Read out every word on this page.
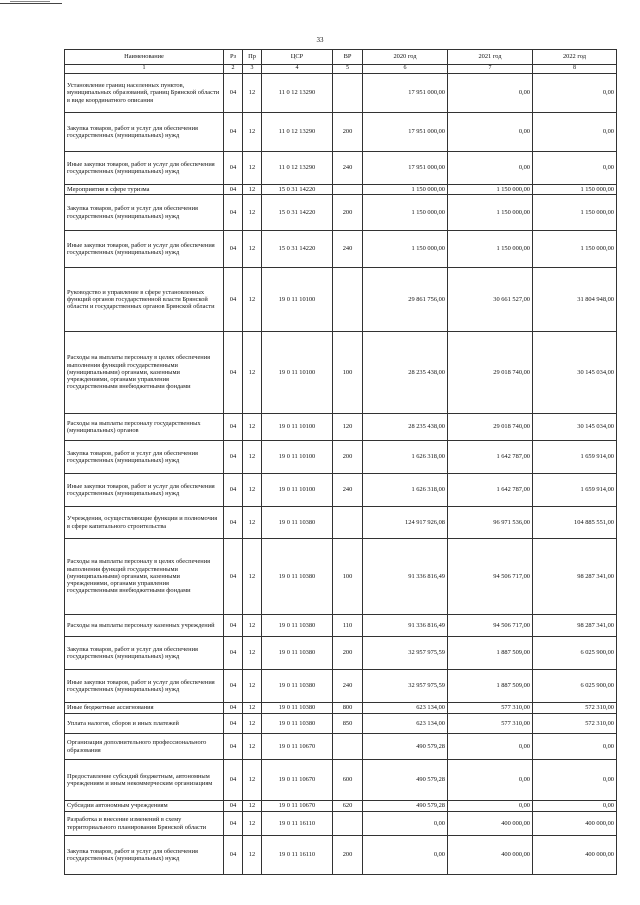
33
Наименование	Рз	Пр	ЦСР	ВР	2020 год	2021 год	2022 год
1	2	3	4	5	6	7	8
Установление границ населенных пунктов, муниципальных образований, границ Брянской области в виде координатного описания	04	12	11 0 12 13290		17 951 000,00	0,00	0,00
Закупка товаров, работ и услуг для обеспечения государственных (муниципальных) нужд	04	12	11 0 12 13290	200	17 951 000,00	0,00	0,00
Иные закупки товаров, работ и услуг для обеспечения государственных (муниципальных) нужд	04	12	11 0 12 13290	240	17 951 000,00	0,00	0,00
Мероприятия в сфере туризма	04	12	15 0 31 14220		1 150 000,00	1 150 000,00	1 150 000,00
Закупка товаров, работ и услуг для обеспечения государственных (муниципальных) нужд	04	12	15 0 31 14220	200	1 150 000,00	1 150 000,00	1 150 000,00
Иные закупки товаров, работ и услуг для обеспечения государственных (муниципальных) нужд	04	12	15 0 31 14220	240	1 150 000,00	1 150 000,00	1 150 000,00
Руководство и управление в сфере установленных функций органов государственной власти Брянской области и государственных органов Брянской области	04	12	19 0 11 10100		29 861 756,00	30 661 527,00	31 804 948,00
Расходы на выплаты персоналу в целях обеспечения выполнения функций государственными (муниципальными) органами, казенными учреждениями, органами управления государственными внебюджетными фондами	04	12	19 0 11 10100	100	28 235 438,00	29 018 740,00	30 145 034,00
Расходы на выплаты персоналу государственных (муниципальных) органов	04	12	19 0 11 10100	120	28 235 438,00	29 018 740,00	30 145 034,00
Закупка товаров, работ и услуг для обеспечения государственных (муниципальных) нужд	04	12	19 0 11 10100	200	1 626 318,00	1 642 787,00	1 659 914,00
Иные закупки товаров, работ и услуг для обеспечения государственных (муниципальных) нужд	04	12	19 0 11 10100	240	1 626 318,00	1 642 787,00	1 659 914,00
Учреждения, осуществляющие функции и полномочия в сфере капитального строительства	04	12	19 0 11 10380		124 917 926,08	96 971 536,00	104 885 551,00
Расходы на выплаты персоналу в целях обеспечения выполнения функций государственными (муниципальными) органами, казенными учреждениями, органами управления государственными внебюджетными фондами	04	12	19 0 11 10380	100	91 336 816,49	94 506 717,00	98 287 341,00
Расходы на выплаты персоналу казенных учреждений	04	12	19 0 11 10380	110	91 336 816,49	94 506 717,00	98 287 341,00
Закупка товаров, работ и услуг для обеспечения государственных (муниципальных) нужд	04	12	19 0 11 10380	200	32 957 975,59	1 887 509,00	6 025 900,00
Иные закупки товаров, работ и услуг для обеспечения государственных (муниципальных) нужд	04	12	19 0 11 10380	240	32 957 975,59	1 887 509,00	6 025 900,00
Иные бюджетные ассигнования	04	12	19 0 11 10380	800	623 134,00	577 310,00	572 310,00
Уплата налогов, сборов и иных платежей	04	12	19 0 11 10380	850	623 134,00	577 310,00	572 310,00
Организация дополнительного профессионального образования	04	12	19 0 11 10670		490 579,28	0,00	0,00
Предоставление субсидий бюджетным, автономным учреждениям и иным некоммерческим организациям	04	12	19 0 11 10670	600	490 579,28	0,00	0,00
Субсидии автономным учреждениям	04	12	19 0 11 10670	620	490 579,28	0,00	0,00
Разработка и внесение изменений в схему территориального планирования Брянской области	04	12	19 0 11 16110		0,00	400 000,00	400 000,00
Закупка товаров, работ и услуг для обеспечения государственных (муниципальных) нужд	04	12	19 0 11 16110	200	0,00	400 000,00	400 000,00
